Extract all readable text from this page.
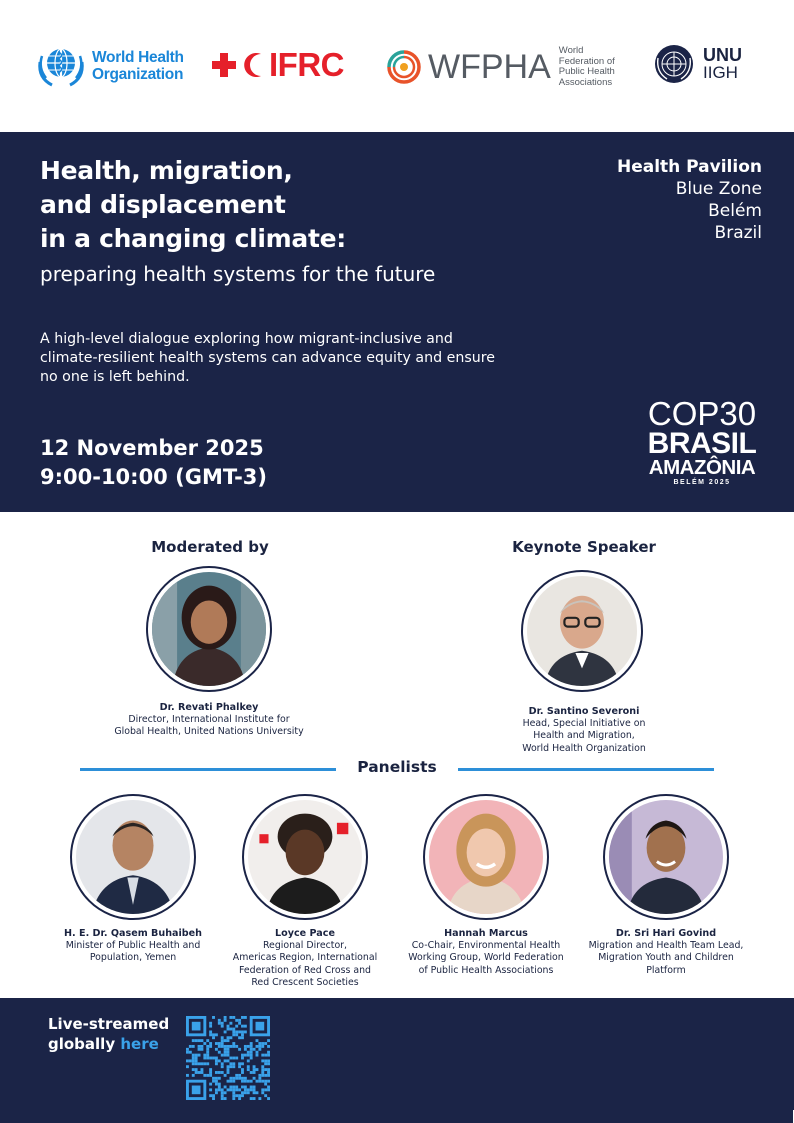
World Health
Organization	IFRC WFPHA World Federation of Public Health Associations
UNU
IIGH
Health, migration,
and displacement
in a changing climate:

preparing health systems for the future

A high-level dialogue exploring how migrant-inclusive and climate-resilient health systems can advance equity and ensure no one is left behind.

12 November 2025
9:00-10:00 (GMT-3)
Health Pavilion
Blue Zone
Belém
Brazil
COP30
BRASIL
AMAZÔNIA
BELÉM 2025
Moderated by
Dr. Revati Phalkey
Director, International Institute for
Global Health, United Nations University
Keynote Speaker
Dr. Santino Severoni
Head, Special Initiative on
Health and Migration,
World Health Organization
Panelists
H. E. Dr. Qasem Buhaibeh
Minister of Public Health and
Population, Yemen
Loyce Pace
Regional Director,
Americas Region, International
Federation of Red Cross and
Red Crescent Societies
Hannah Marcus
Co-Chair, Environmental Health
Working Group, World Federation
of Public Health Associations
Dr. Sri Hari Govind
Migration and Health Team Lead,
Migration Youth and Children
Platform
Live-streamed
globally here
